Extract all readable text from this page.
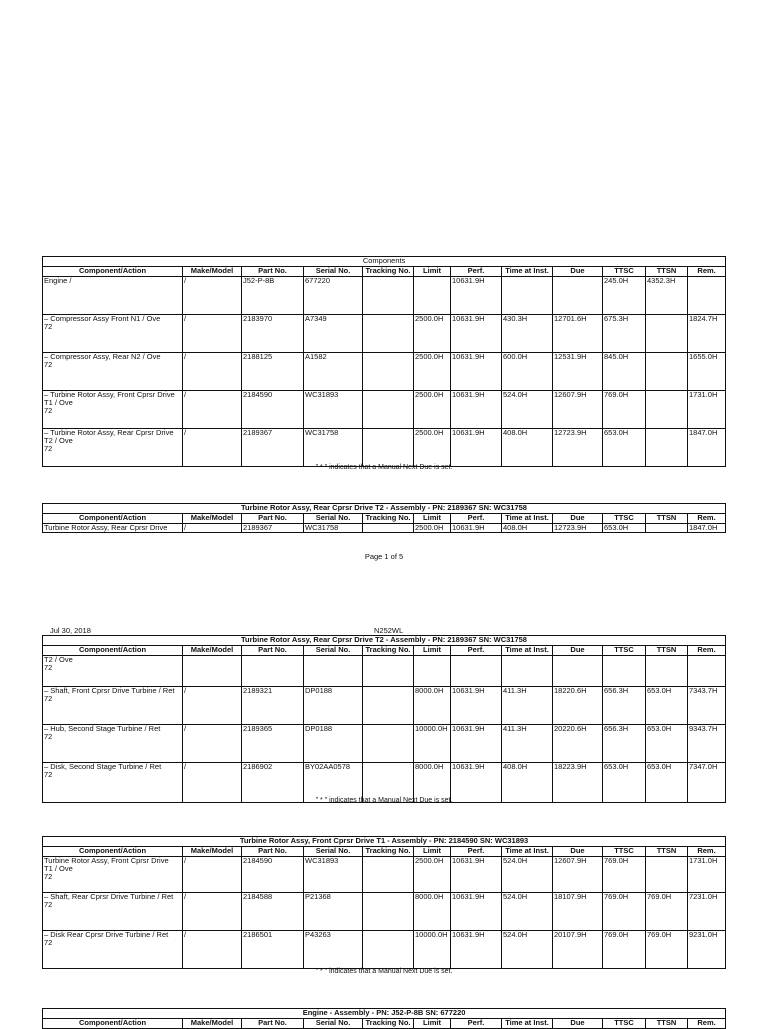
Components											
Component/Action	Make/Model	Part No.	Serial No.	Tracking No.	Limit	Perf.	Time at Inst.	Due	TTSC	TTSN	Rem.
Engine /	/	J52-P-8B	677220			10631.9H			245.0H	4352.3H	
– Compressor Assy Front N1 / Ove
72	/	2183970	A7349		2500.0H	10631.9H	430.3H	12701.6H	675.3H		1824.7H
– Compressor Assy, Rear N2 / Ove
72	/	2188125	A1582		2500.0H	10631.9H	600.0H	12531.9H	845.0H		1655.0H
– Turbine Rotor Assy, Front Cprsr Drive
T1 / Ove
72	/	2184590	WC31893		2500.0H	10631.9H	524.0H	12607.9H	769.0H		1731.0H
– Turbine Rotor Assy, Rear Cprsr Drive
T2 / Ove
72	/	2189367	WC31758		2500.0H	10631.9H	408.0H	12723.9H	653.0H		1847.0H
" * " indicates that a Manual Next Due is set.
Turbine Rotor Assy, Rear Cprsr Drive T2 - Assembly - PN: 2189367 SN: WC31758											
Component/Action	Make/Model	Part No.	Serial No.	Tracking No.	Limit	Perf.	Time at Inst.	Due	TTSC	TTSN	Rem.
Turbine Rotor Assy, Rear Cprsr Drive	/	2189367	WC31758		2500.0H	10631.9H	408.0H	12723.9H	653.0H		1847.0H
Page 1 of 5
Jul 30, 2018	N252WL
Turbine Rotor Assy, Rear Cprsr Drive T2 - Assembly - PN: 2189367 SN: WC31758											
Component/Action	Make/Model	Part No.	Serial No.	Tracking No.	Limit	Perf.	Time at Inst.	Due	TTSC	TTSN	Rem.
T2 / Ove
72											
– Shaft, Front Cprsr Drive Turbine / Ret
72	/	2189321	DP0188		8000.0H	10631.9H	411.3H	18220.6H	656.3H	653.0H	7343.7H
– Hub, Second Stage Turbine / Ret
72	/	2189365	DP0188		10000.0H	10631.9H	411.3H	20220.6H	656.3H	653.0H	9343.7H
– Disk, Second Stage Turbine / Ret
72	/	2186902	BY02AA0578		8000.0H	10631.9H	408.0H	18223.9H	653.0H	653.0H	7347.0H
" * " indicates that a Manual Next Due is set.
Turbine Rotor Assy, Front Cprsr Drive T1 - Assembly - PN: 2184590 SN: WC31893											
Component/Action	Make/Model	Part No.	Serial No.	Tracking No.	Limit	Perf.	Time at Inst.	Due	TTSC	TTSN	Rem.
Turbine Rotor Assy, Front Cprsr Drive
T1 / Ove
72	/	2184590	WC31893		2500.0H	10631.9H	524.0H	12607.9H	769.0H		1731.0H
– Shaft, Rear Cprsr Drive Turbine / Ret
72	/	2184588	P21368		8000.0H	10631.9H	524.0H	18107.9H	769.0H	769.0H	7231.0H
– Disk Rear Cprsr Drive Turbine / Ret
72	/	2186501	P43263		10000.0H	10631.9H	524.0H	20107.9H	769.0H	769.0H	9231.0H
" * " indicates that a Manual Next Due is set.
Engine - Assembly - PN: J52-P-8B SN: 677220
Component/Action	Make/Model	Part No.	Serial No.	Tracking No.	Limit	Perf.	Time at Inst.	Due	TTSC	TTSN	Rem.
